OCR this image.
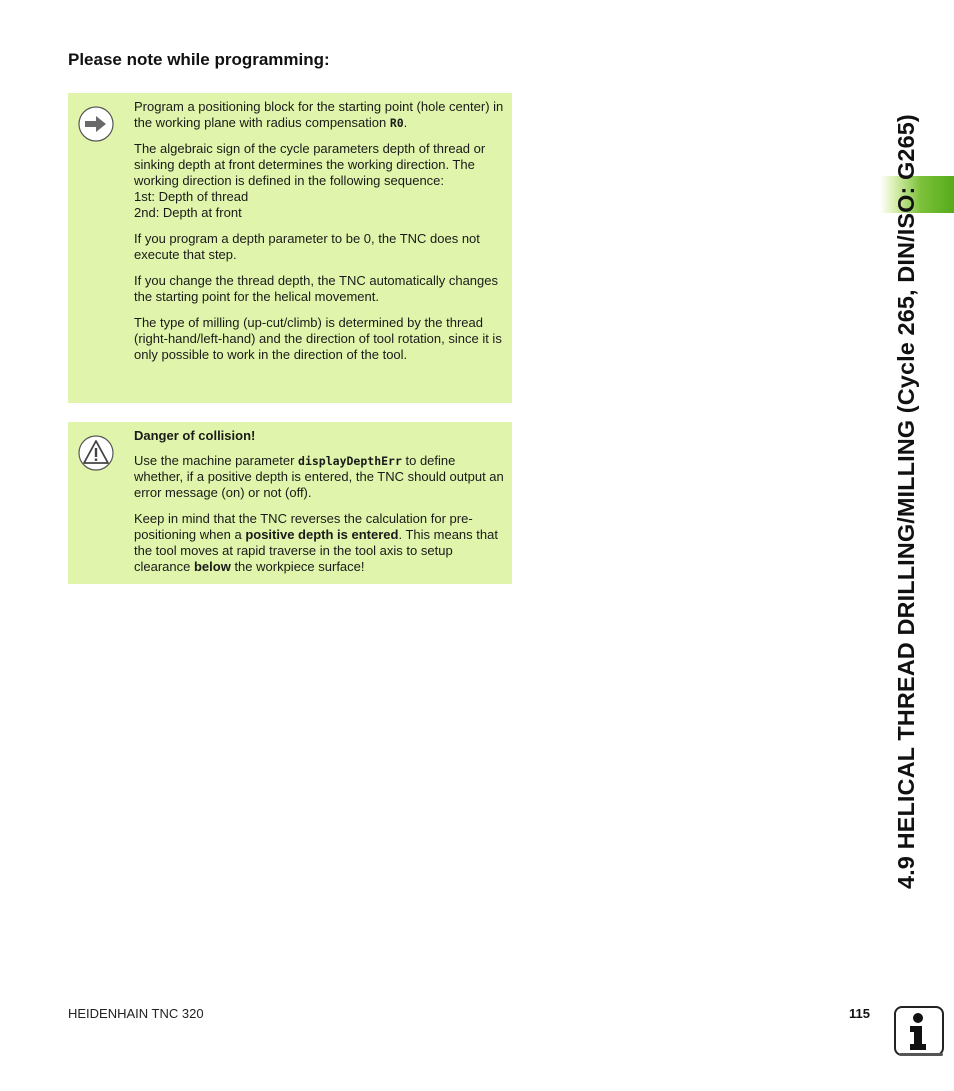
Please note while programming:

Program a positioning block for the starting point (hole center) in the working plane with radius compensation R0.

The algebraic sign of the cycle parameters depth of thread or sinking depth at front determines the working direction. The working direction is defined in the following sequence:
1st: Depth of thread
2nd: Depth at front

If you program a depth parameter to be 0, the TNC does not execute that step.

If you change the thread depth, the TNC automatically changes the starting point for the helical movement.

The type of milling (up-cut/climb) is determined by the thread (right-hand/left-hand) and the direction of tool rotation, since it is only possible to work in the direction of the tool.

Danger of collision!

Use the machine parameter displayDepthErr to define whether, if a positive depth is entered, the TNC should output an error message (on) or not (off).

Keep in mind that the TNC reverses the calculation for pre-positioning when a positive depth is entered. This means that the tool moves at rapid traverse in the tool axis to setup clearance below the workpiece surface!	4.9 HELICAL THREAD DRILLING/MILLING (Cycle 265, DIN/ISO: G265)
HEIDENHAIN TNC 320	115
